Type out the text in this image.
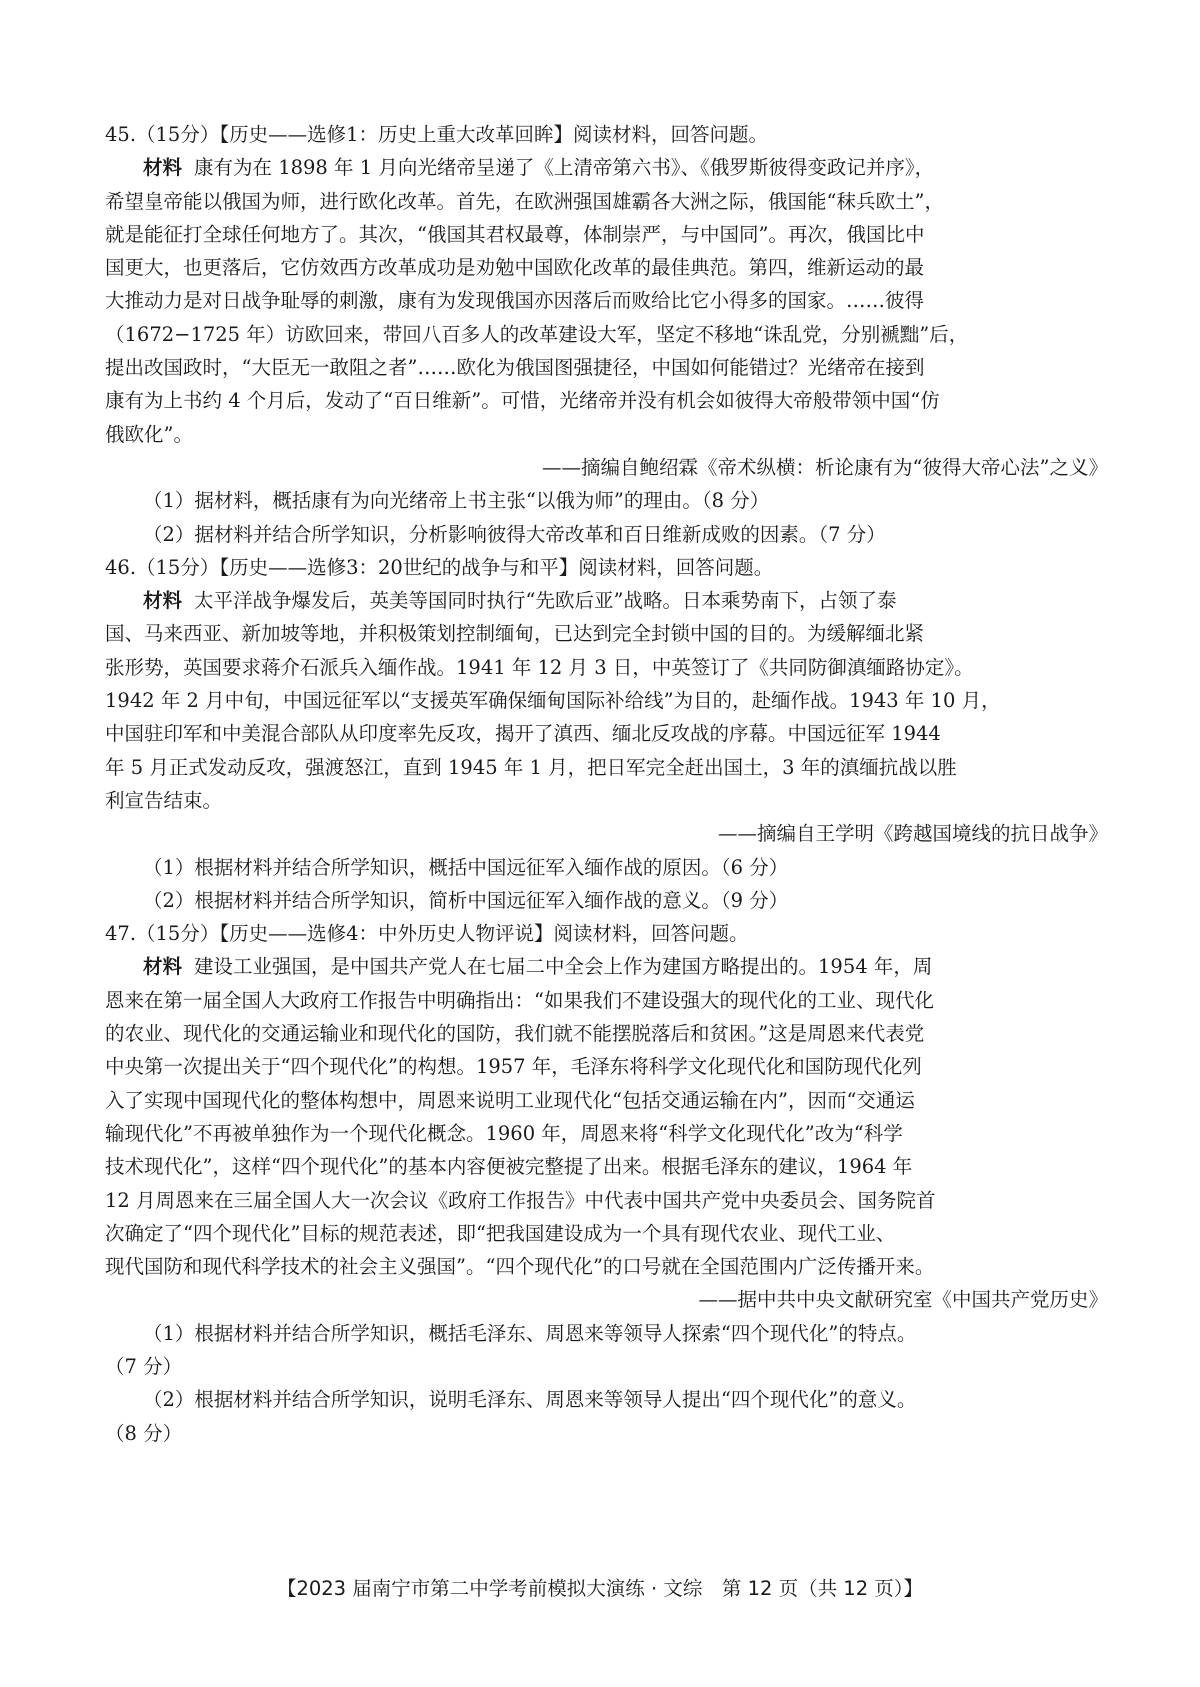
45.（15分）【历史——选修1：历史上重大改革回眸】阅读材料，回答问题。

材料 康有为在 1898 年 1 月向光绪帝呈递了《上清帝第六书》、《俄罗斯彼得变政记并序》，

希望皇帝能以俄国为师，进行欧化改革。首先，在欧洲强国雄霸各大洲之际，俄国能“秣兵欧土”，

就是能征打全球任何地方了。其次，“俄国其君权最尊，体制崇严，与中国同”。再次，俄国比中

国更大，也更落后，它仿效西方改革成功是劝勉中国欧化改革的最佳典范。第四，维新运动的最

大推动力是对日战争耻辱的刺激，康有为发现俄国亦因落后而败给比它小得多的国家。……彼得

（1672−1725 年）访欧回来，带回八百多人的改革建设大军，坚定不移地“诛乱党，分别褫黜”后，

提出改国政时，“大臣无一敢阻之者”……欧化为俄国图强捷径，中国如何能错过？光绪帝在接到

康有为上书约 4 个月后，发动了“百日维新”。可惜，光绪帝并没有机会如彼得大帝般带领中国“仿

俄欧化”。

——摘编自鲍绍霖《帝术纵横：析论康有为“彼得大帝心法”之义》

（1）据材料，概括康有为向光绪帝上书主张“以俄为师”的理由。（8 分）

（2）据材料并结合所学知识，分析影响彼得大帝改革和百日维新成败的因素。（7 分）

46.（15分）【历史——选修3：20世纪的战争与和平】阅读材料，回答问题。

材料 太平洋战争爆发后，英美等国同时执行“先欧后亚”战略。日本乘势南下，占领了泰

国、马来西亚、新加坡等地，并积极策划控制缅甸，已达到完全封锁中国的目的。为缓解缅北紧

张形势，英国要求蒋介石派兵入缅作战。1941 年 12 月 3 日，中英签订了《共同防御滇缅路协定》。

1942 年 2 月中旬，中国远征军以“支援英军确保缅甸国际补给线”为目的，赴缅作战。1943 年 10 月，

中国驻印军和中美混合部队从印度率先反攻，揭开了滇西、缅北反攻战的序幕。中国远征军 1944

年 5 月正式发动反攻，强渡怒江，直到 1945 年 1 月，把日军完全赶出国土，3 年的滇缅抗战以胜

利宣告结束。

——摘编自王学明《跨越国境线的抗日战争》

（1）根据材料并结合所学知识，概括中国远征军入缅作战的原因。（6 分）

（2）根据材料并结合所学知识，简析中国远征军入缅作战的意义。（9 分）

47.（15分）【历史——选修4：中外历史人物评说】阅读材料，回答问题。

材料 建设工业强国，是中国共产党人在七届二中全会上作为建国方略提出的。1954 年，周

恩来在第一届全国人大政府工作报告中明确指出：“如果我们不建设强大的现代化的工业、现代化

的农业、现代化的交通运输业和现代化的国防，我们就不能摆脱落后和贫困。”这是周恩来代表党

中央第一次提出关于“四个现代化”的构想。1957 年，毛泽东将科学文化现代化和国防现代化列

入了实现中国现代化的整体构想中，周恩来说明工业现代化“包括交通运输在内”，因而“交通运

输现代化”不再被单独作为一个现代化概念。1960 年，周恩来将“科学文化现代化”改为“科学

技术现代化”，这样“四个现代化”的基本内容便被完整提了出来。根据毛泽东的建议，1964 年

12 月周恩来在三届全国人大一次会议《政府工作报告》中代表中国共产党中央委员会、国务院首

次确定了“四个现代化”目标的规范表述，即“把我国建设成为一个具有现代农业、现代工业、

现代国防和现代科学技术的社会主义强国”。“四个现代化”的口号就在全国范围内广泛传播开来。

——据中共中央文献研究室《中国共产党历史》

（1）根据材料并结合所学知识，概括毛泽东、周恩来等领导人探索“四个现代化”的特点。

（7 分）

（2）根据材料并结合所学知识，说明毛泽东、周恩来等领导人提出“四个现代化”的意义。

（8 分）

【2023 届南宁市第二中学考前模拟大演练 · 文综　第 12 页（共 12 页）】
